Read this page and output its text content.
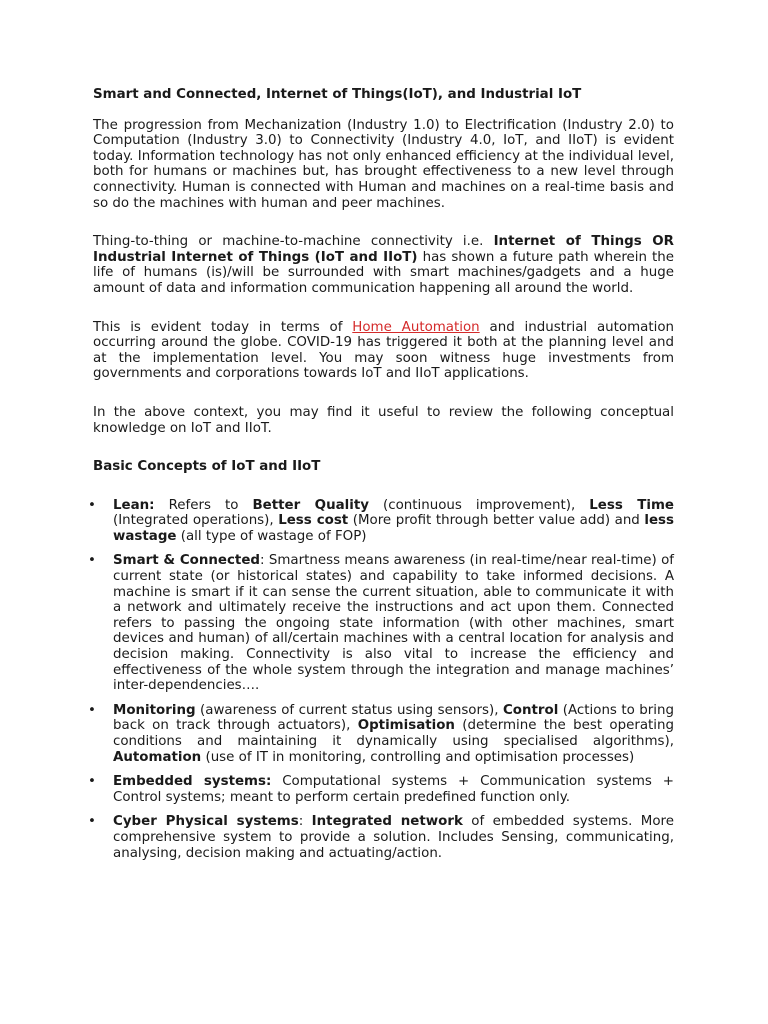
Smart and Connected, Internet of Things(IoT), and Industrial IoT

The progression from Mechanization (Industry 1.0) to Electrification (Industry 2.0) to Computation (Industry 3.0) to Connectivity (Industry 4.0, IoT, and IIoT) is evident today. Information technology has not only enhanced efficiency at the individual level, both for humans or machines but, has brought effectiveness to a new level through connectivity. Human is connected with Human and machines on a real-time basis and so do the machines with human and peer machines.

Thing-to-thing or machine-to-machine connectivity i.e. Internet of Things OR Industrial Internet of Things (IoT and IIoT) has shown a future path wherein the life of humans (is)/will be surrounded with smart machines/gadgets and a huge amount of data and information communication happening all around the world.

This is evident today in terms of Home Automation and industrial automation occurring around the globe. COVID-19 has triggered it both at the planning level and at the implementation level. You may soon witness huge investments from governments and corporations towards IoT and IIoT applications.

In the above context, you may find it useful to review the following conceptual knowledge on IoT and IIoT.

Basic Concepts of IoT and IIoT
• Lean: Refers to Better Quality (continuous improvement), Less Time (Integrated operations), Less cost (More profit through better value add) and less wastage (all type of wastage of FOP)
• Smart & Connected: Smartness means awareness (in real-time/near real-time) of current state (or historical states) and capability to take informed decisions. A machine is smart if it can sense the current situation, able to communicate it with a network and ultimately receive the instructions and act upon them. Connected refers to passing the ongoing state information (with other machines, smart devices and human) of all/certain machines with a central location for analysis and decision making. Connectivity is also vital to increase the efficiency and effectiveness of the whole system through the integration and manage machines’ inter-dependencies….
• Monitoring (awareness of current status using sensors), Control (Actions to bring back on track through actuators), Optimisation (determine the best operating conditions and maintaining it dynamically using specialised algorithms), Automation (use of IT in monitoring, controlling and optimisation processes)
• Embedded systems: Computational systems + Communication systems + Control systems; meant to perform certain predefined function only.
• Cyber Physical systems: Integrated network of embedded systems. More comprehensive system to provide a solution. Includes Sensing, communicating, analysing, decision making and actuating/action.
